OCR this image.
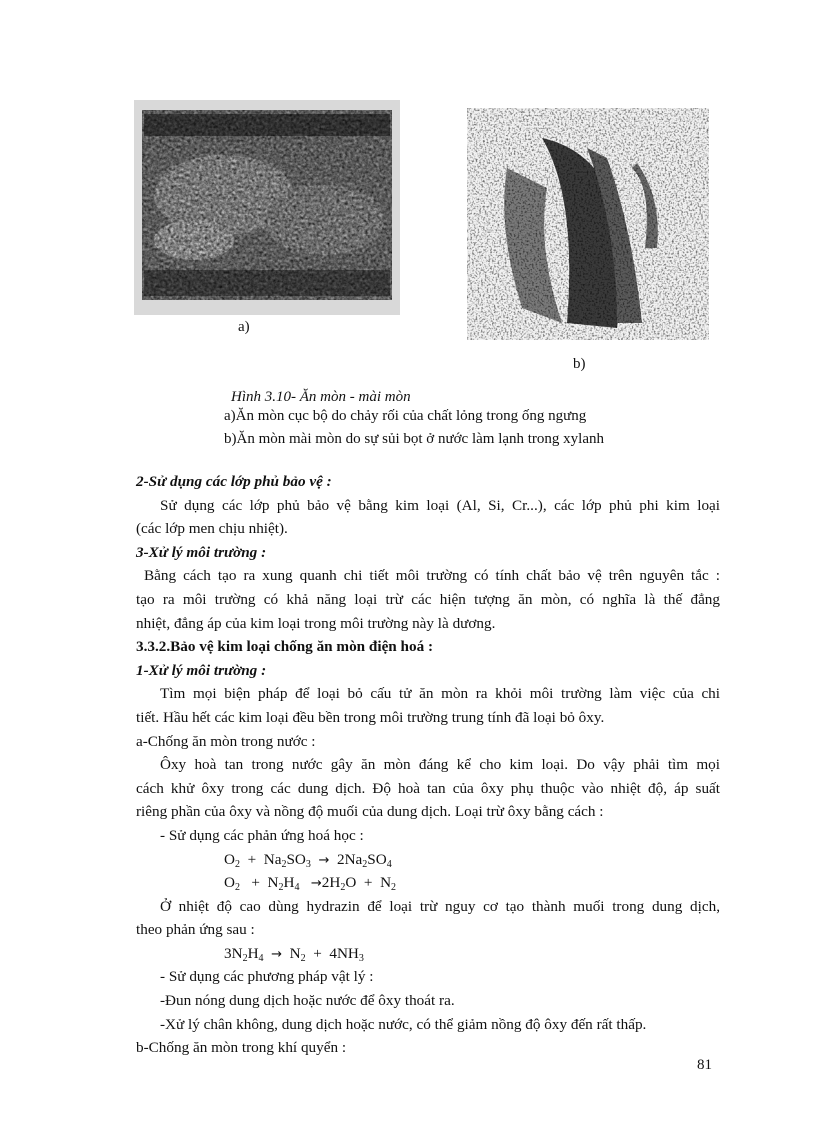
a)
b)
Hình 3.10- Ăn mòn - mài mòn
a)Ăn mòn cục bộ do chảy rối của chất lỏng trong ống ngưng
b)Ăn mòn mài mòn do sự sủi bọt ở nước làm lạnh trong xylanh
2-Sử dụng các lớp phủ bảo vệ :
Sử dụng các lớp phủ bảo vệ bằng kim loại (Al, Si, Cr...), các lớp phủ phi kim loại
(các lớp men chịu nhiệt).
3-Xử lý môi trường :
Bằng cách tạo ra xung quanh chi tiết môi trường có tính chất bảo vệ trên nguyên tắc :
tạo ra môi trường có khả năng loại trừ các hiện tượng ăn mòn, có nghĩa là thế đẳng
nhiệt, đẳng áp của kim loại trong môi trường này là dương.
3.3.2.Bảo vệ kim loại chống ăn mòn điện hoá :
1-Xử lý môi trường :
Tìm mọi biện pháp để loại bỏ cấu tử ăn mòn ra khỏi môi trường làm việc của chi
tiết. Hầu hết các kim loại đều bền trong môi trường trung tính đã loại bỏ ôxy.
a-Chống ăn mòn trong nước :
Ôxy hoà tan trong nước gây ăn mòn đáng kể cho kim loại. Do vậy phải tìm mọi
cách khử ôxy trong các dung dịch. Độ hoà tan của ôxy phụ thuộc vào nhiệt độ, áp suất
riêng phần của ôxy và nồng độ muối của dung dịch. Loại trừ ôxy bằng cách :
- Sử dụng các phản ứng hoá học :
$O_2 + Na_2SO_3 \to 2Na_2SO_4$
$O_2 + N_2H_4 \to 2H_2O + N_2$
Ở nhiệt độ cao dùng hydrazin để loại trừ nguy cơ tạo thành muối trong dung dịch,
theo phản ứng sau :
$3N_2H_4 \to N_2 + 4NH_3$
- Sử dụng các phương pháp vật lý :
-Đun nóng dung dịch hoặc nước để ôxy thoát ra.
-Xử lý chân không, dung dịch hoặc nước, có thể giảm nồng độ ôxy đến rất thấp.
b-Chống ăn mòn trong khí quyển :
81
